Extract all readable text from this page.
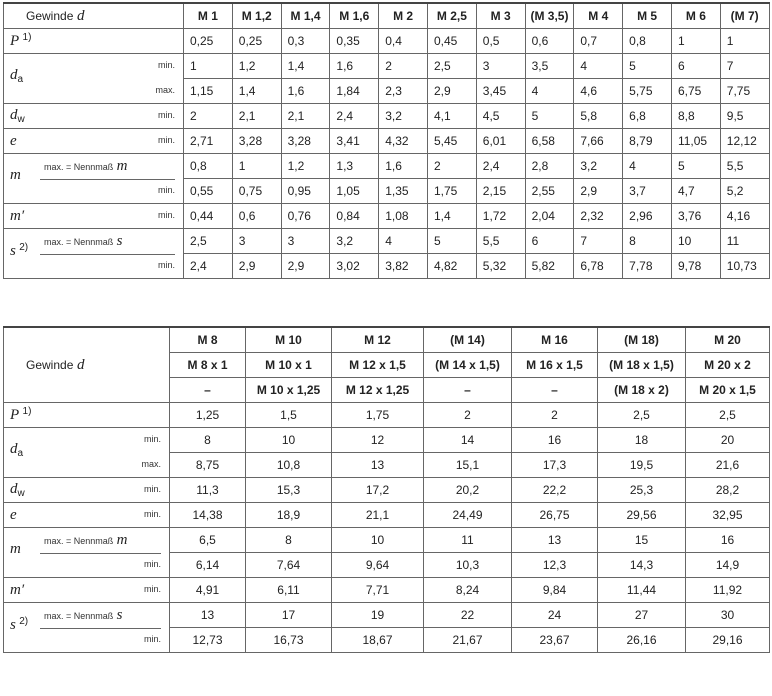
Gewinde d	M 1	M 1,2	M 1,4	M 1,6	M 2	M 2,5	M 3	(M 3,5)	M 4	M 5	M 6	(M 7)
P $^{1)}$	0,25	0,25	0,3	0,35	0,4	0,45	0,5	0,6	0,7	0,8	1	1

min.	1	1,2	1,4	1,6	2	2,5	3	3,5	4	5	6	7

$d_a$
max.	1,15	1,4	1,6	1,84	2,3	2,9	3,45	4	4,6	5,75	6,75	7,75
$d_w$ min.	2	2,1	2,1	2,4	3,2	4,1	4,5	5	5,8	6,8	8,8	9,5
e min.	2,71	3,28	3,28	3,41	4,32	5,45	6,01	6,58	7,66	8,79	11,05	12,12

max. = Nennmaß m	0,8	1	1,2	1,3	1,6	2	2,4	2,8	3,2	4	5	5,5

m
min.	0,55	0,75	0,95	1,05	1,35	1,75	2,15	2,55	2,9	3,7	4,7	5,2
m′ min.	0,44	0,6	0,76	0,84	1,08	1,4	1,72	2,04	2,32	2,96	3,76	4,16

max. = Nennmaß s	2,5	3	3	3,2	4	5	5,5	6	7	8	10	11

s $^{2)}$
min.	2,4	2,9	2,9	3,02	3,82	4,82	5,32	5,82	6,78	7,78	9,78	10,73
Gewinde d	M 8	M 10	M 12	(M 14)	M 16	(M 18)	M 20
	M 8 x 1	M 10 x 1	M 12 x 1,5	(M 14 x 1,5)	M 16 x 1,5	(M 18 x 1,5)	M 20 x 2
	–	M 10 x 1,25	M 12 x 1,25	–	–	(M 18 x 2)	M 20 x 1,5
P $^{1)}$	1,25	1,5	1,75	2	2	2,5	2,5

min.	8	10	12	14	16	18	20

$d_a$
max.	8,75	10,8	13	15,1	17,3	19,5	21,6
$d_w$ min.	11,3	15,3	17,2	20,2	22,2	25,3	28,2
e min.	14,38	18,9	21,1	24,49	26,75	29,56	32,95

max. = Nennmaß m	6,5	8	10	11	13	15	16

m
min.	6,14	7,64	9,64	10,3	12,3	14,3	14,9
m′ min.	4,91	6,11	7,71	8,24	9,84	11,44	11,92

max. = Nennmaß s	13	17	19	22	24	27	30

s $^{2)}$
min.	12,73	16,73	18,67	21,67	23,67	26,16	29,16
